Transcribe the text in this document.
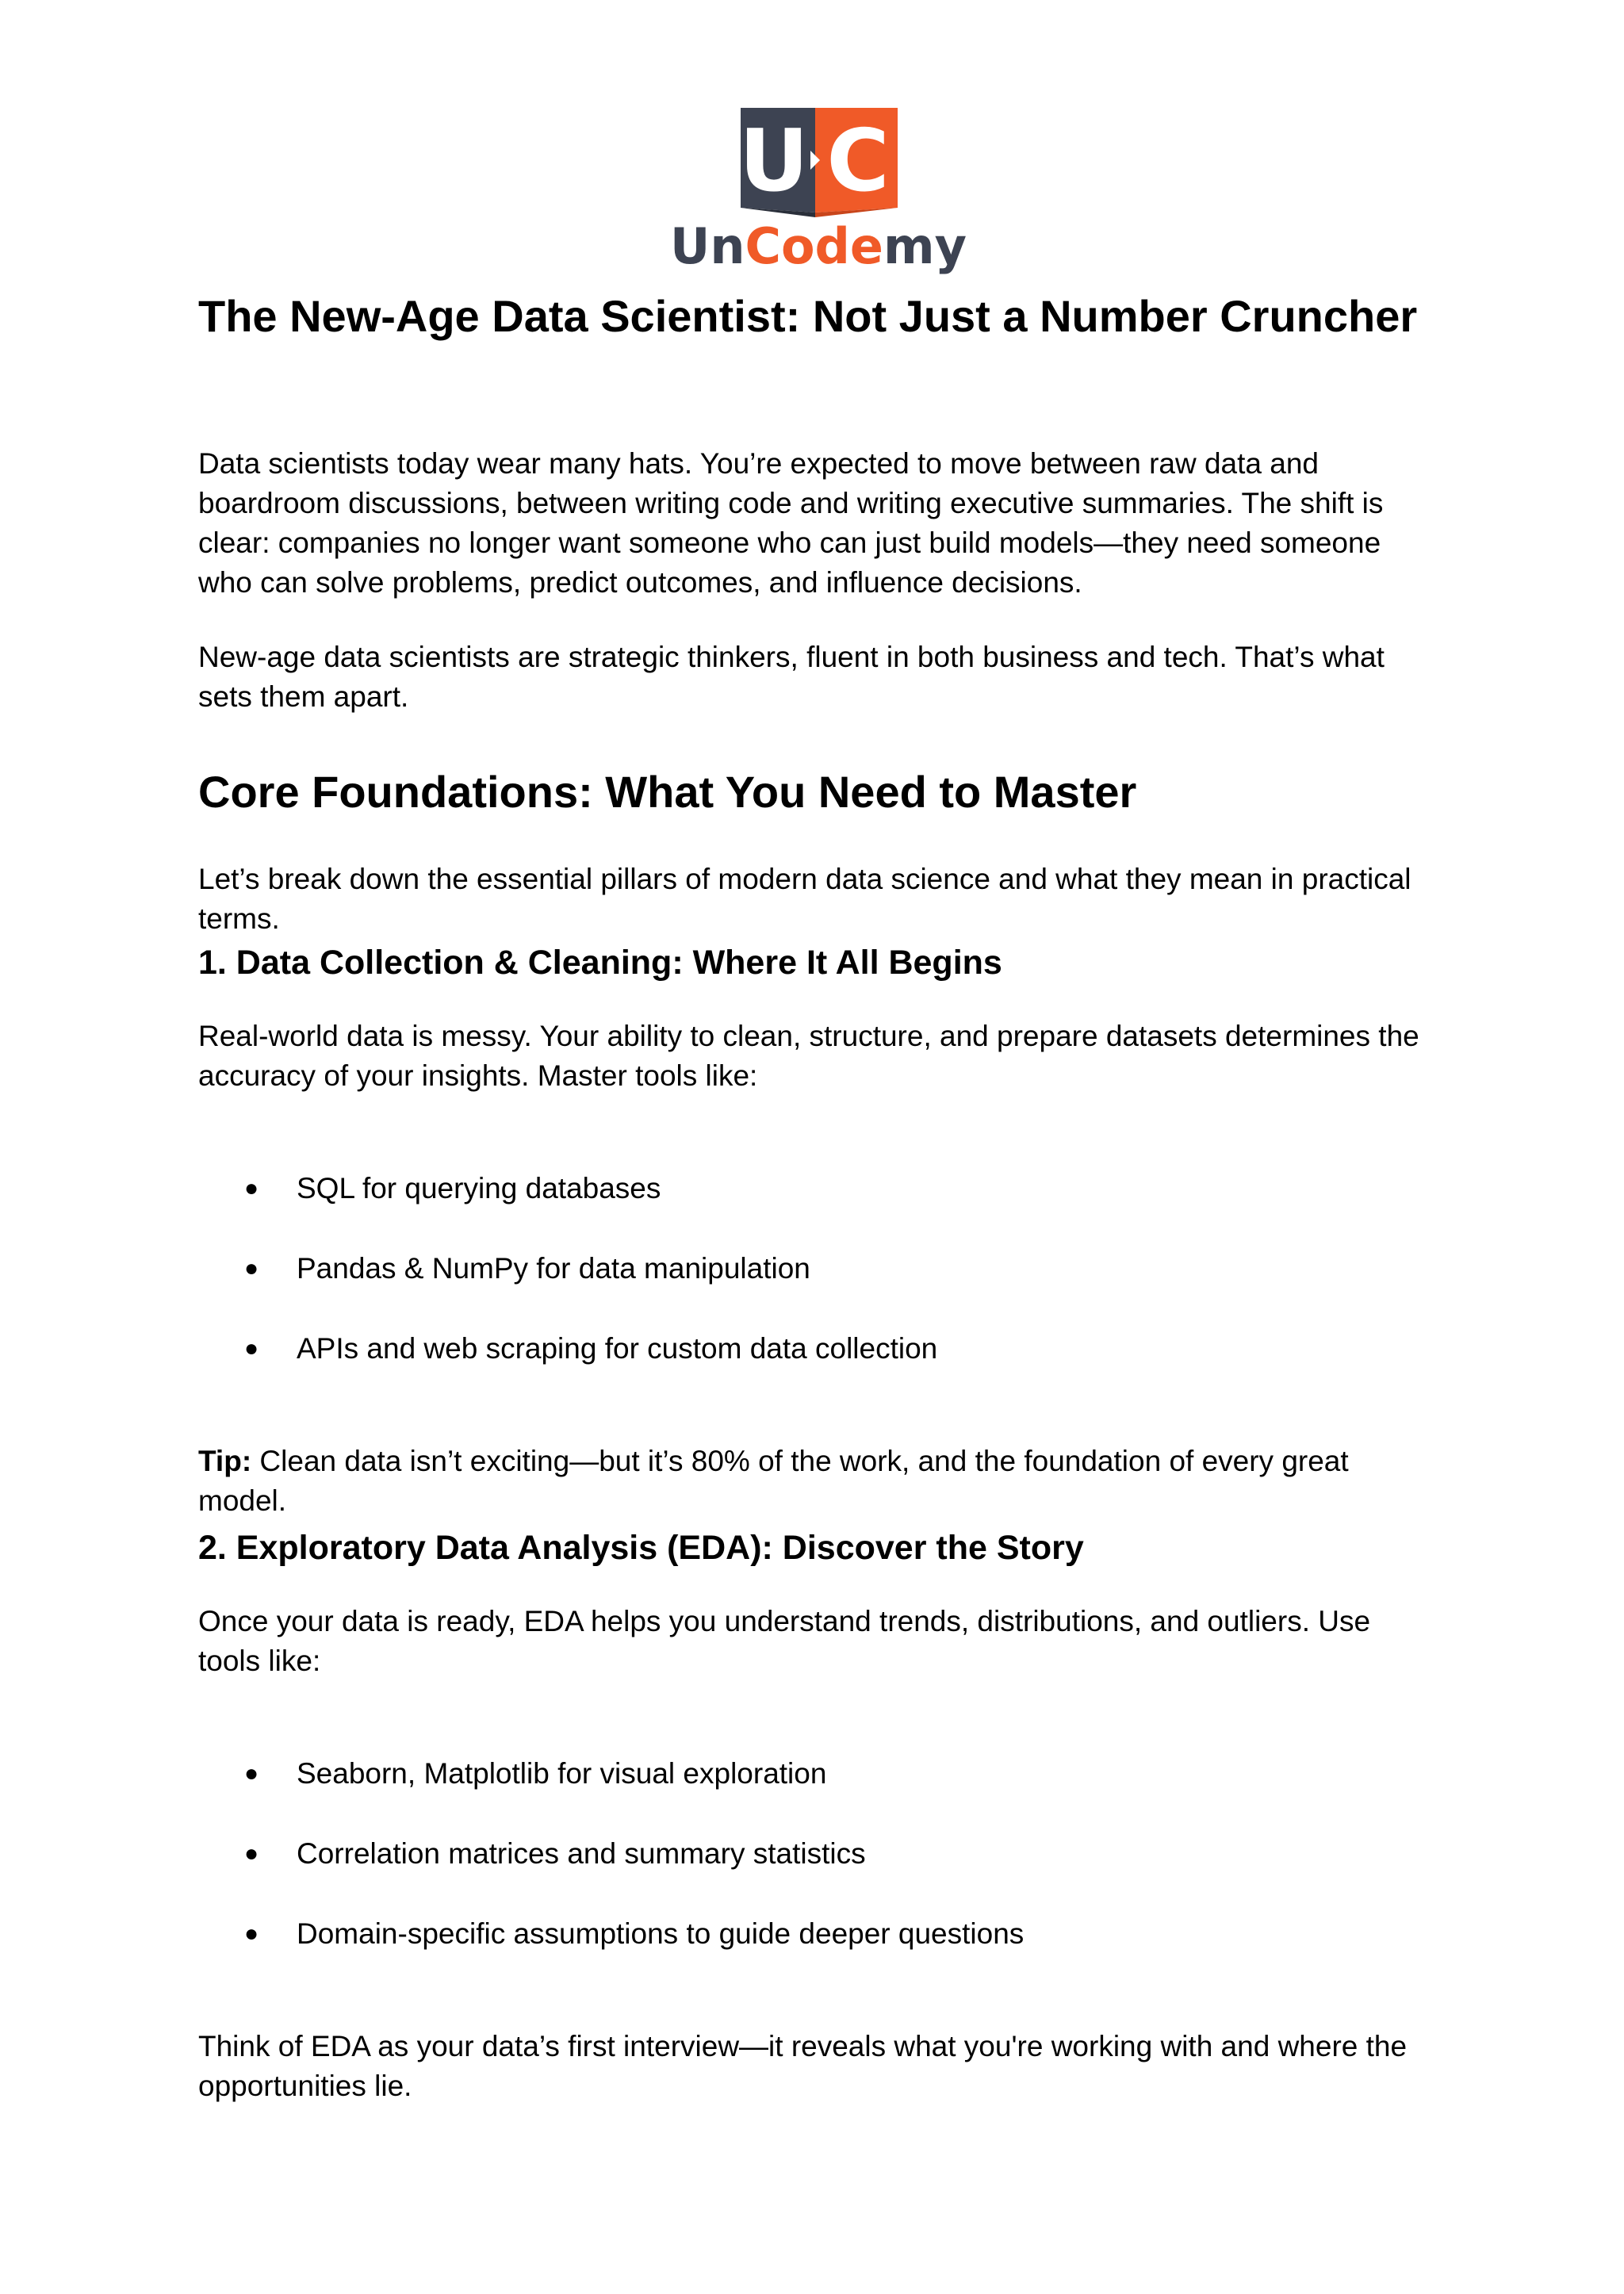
U C
UnCodemy
The New-Age Data Scientist: Not Just a Number Cruncher

Data scientists today wear many hats. You’re expected to move between raw data and boardroom discussions, between writing code and writing executive summaries. The shift is clear: companies no longer want someone who can just build models—they need someone who can solve problems, predict outcomes, and influence decisions.

New-age data scientists are strategic thinkers, fluent in both business and tech. That’s what sets them apart.

Core Foundations: What You Need to Master

Let’s break down the essential pillars of modern data science and what they mean in practical terms.

1. Data Collection & Cleaning: Where It All Begins

Real-world data is messy. Your ability to clean, structure, and prepare datasets determines the accuracy of your insights. Master tools like:

● SQL for querying databases
● Pandas & NumPy for data manipulation
● APIs and web scraping for custom data collection

Tip: Clean data isn’t exciting—but it’s 80% of the work, and the foundation of every great model.

2. Exploratory Data Analysis (EDA): Discover the Story

Once your data is ready, EDA helps you understand trends, distributions, and outliers. Use tools like:

● Seaborn, Matplotlib for visual exploration
● Correlation matrices and summary statistics
● Domain-specific assumptions to guide deeper questions

Think of EDA as your data’s first interview—it reveals what you're working with and where the opportunities lie.
